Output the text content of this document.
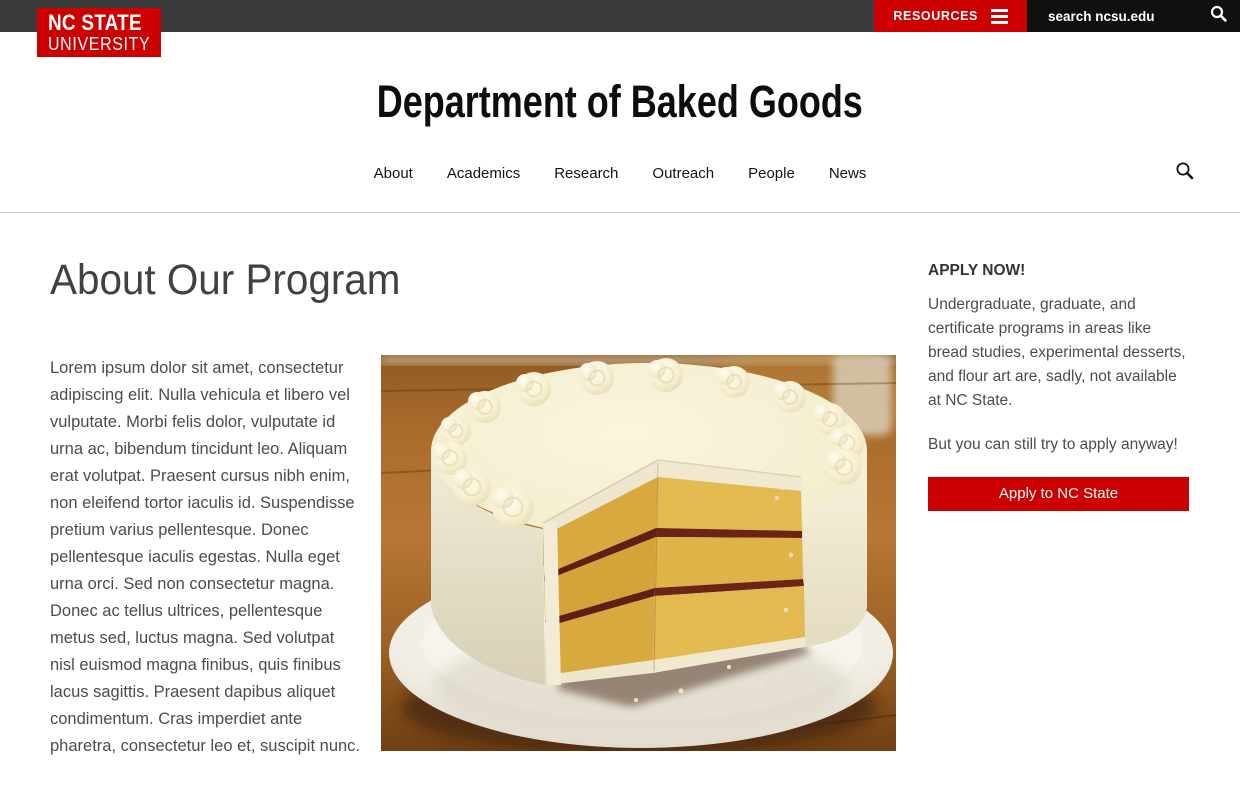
NC STATE
UNIVERSITY
RESOURCES
search ncsu.edu
Department of Baked Goods
About Academics Research Outreach People News
About Our Program

Lorem ipsum dolor sit amet, consectetur adipiscing elit. Nulla vehicula et libero vel vulputate. Morbi felis dolor, vulputate id urna ac, bibendum tincidunt leo. Aliquam erat volutpat. Praesent cursus nibh enim, non eleifend tortor iaculis id. Suspendisse pretium varius pellentesque. Donec pellentesque iaculis egestas. Nulla eget urna orci. Sed non consectetur magna. Donec ac tellus ultrices, pellentesque metus sed, luctus magna. Sed volutpat nisl euismod magna finibus, quis finibus lacus sagittis. Praesent dapibus aliquet condimentum. Cras imperdiet ante pharetra, consectetur leo et, suscipit nunc.

APPLY NOW!

Undergraduate, graduate, and certificate programs in areas like bread studies, experimental desserts, and flour art are, sadly, not available at NC State.

But you can still try to apply anyway!

Apply to NC State
